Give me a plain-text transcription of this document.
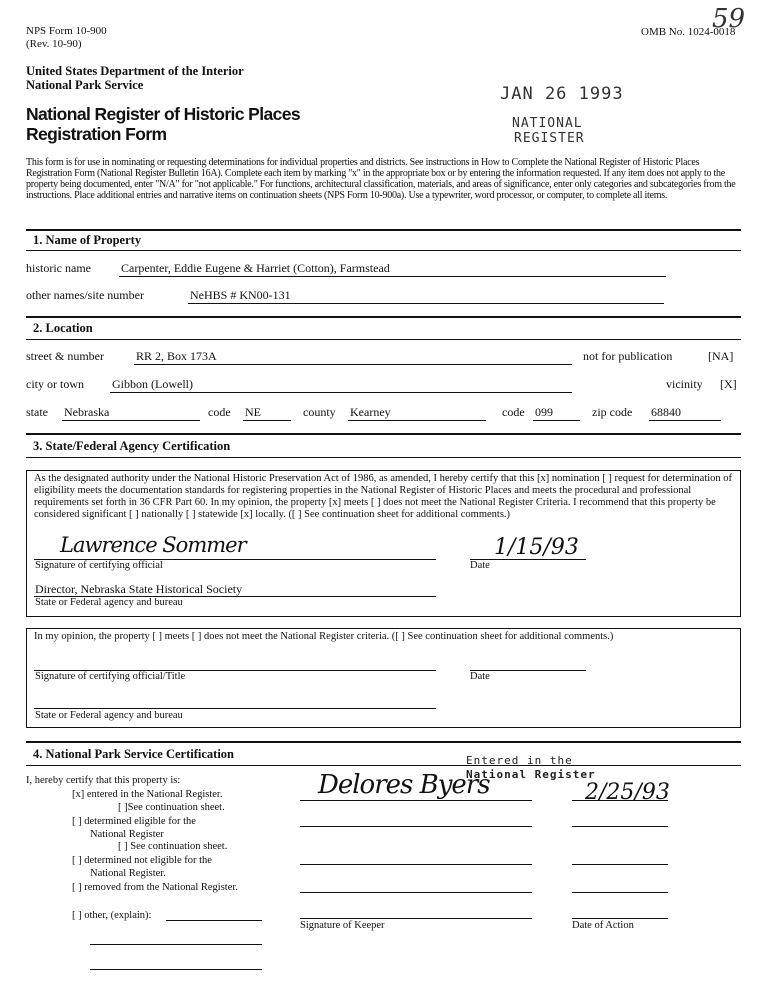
NPS Form 10-900
(Rev. 10-90)
OMB No. 1024-0018
59
United States Department of the Interior
National Park Service
National Register of Historic Places
Registration Form
JAN 26 1993
NATIONAL
REGISTER
This form is for use in nominating or requesting determinations for individual properties and districts. See instructions in How to Complete the National Register of Historic Places Registration Form (National Register Bulletin 16A). Complete each item by marking "x" in the appropriate box or by entering the information requested. If any item does not apply to the property being documented, enter "N/A" for "not applicable." For functions, architectural classification, materials, and areas of significance, enter only categories and subcategories from the instructions. Place additional entries and narrative items on continuation sheets (NPS Form 10-900a). Use a typewriter, word processor, or computer, to complete all items.
1. Name of Property
historic name	Carpenter, Eddie Eugene & Harriet (Cotton), Farmstead
other names/site number	NeHBS # KN00-131
2. Location
street & number	RR 2, Box 173A	not for publication	[NA]
city or town Gibbon (Lowell)	vicinity [X]
state Nebraska	code NE	county Kearney	code 099	zip code 68840
3. State/Federal Agency Certification
As the designated authority under the National Historic Preservation Act of 1986, as amended, I hereby certify that this [x] nomination [ ] request for determination of eligibility meets the documentation standards for registering properties in the National Register of Historic Places and meets the procedural and professional requirements set forth in 36 CFR Part 60. In my opinion, the property [x] meets [ ] does not meet the National Register Criteria. I recommend that this property be considered significant [ ] nationally [ ] statewide [x] locally. ([ ] See continuation sheet for additional comments.)
Lawrence Sommer
Signature of certifying official
1/15/93
Date
Director, Nebraska State Historical Society
State or Federal agency and bureau
In my opinion, the property [ ] meets [ ] does not meet the National Register criteria. ([ ] See continuation sheet for additional comments.)
Signature of certifying official/Title	Date
State or Federal agency and bureau
4. National Park Service Certification
I, hereby certify that this property is:
[x] entered in the National Register.
[ ]See continuation sheet.
[ ] determined eligible for the
National Register
[ ] See continuation sheet.
[ ] determined not eligible for the
National Register.
[ ] removed from the National Register.
[ ] other, (explain):
Entered in the
National Register
Delores Byers	2/25/93
Signature of Keeper	Date of Action
